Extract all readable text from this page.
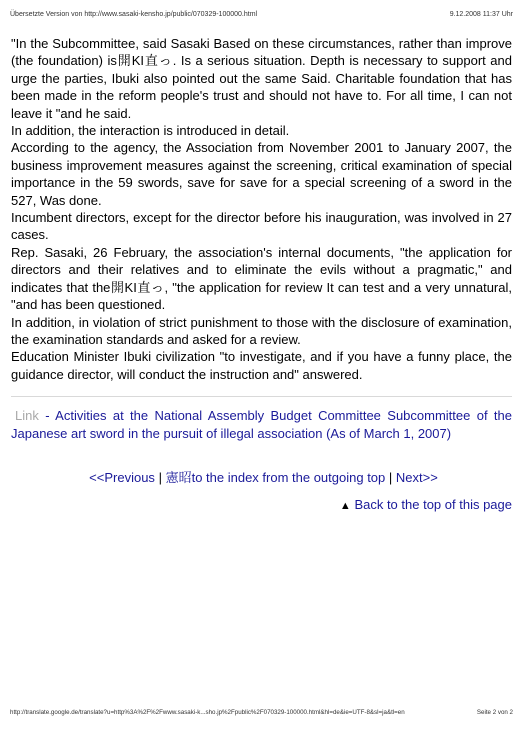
Übersetzte Version von http://www.sasaki-kensho.jp/public/070329-100000.html	9.12.2008 11:37 Uhr

"In the Subcommittee, said Sasaki Based on these circumstances, rather than improve (the foundation) is開KI直っ. Is a serious situation. Depth is necessary to support and urge the parties, Ibuki also pointed out the same Said. Charitable foundation that has been made in the reform people's trust and should not have to. For all time, I can not leave it "and he said.

In addition, the interaction is introduced in detail.

According to the agency, the Association from November 2001 to January 2007, the business improvement measures against the screening, critical examination of special importance in the 59 swords, save for save for a special screening of a sword in the 527, Was done.

Incumbent directors, except for the director before his inauguration, was involved in 27 cases.

Rep. Sasaki, 26 February, the association's internal documents, "the application for directors and their relatives and to eliminate the evils without a pragmatic," and indicates that the開KI直っ, "the application for review It can test and a very unnatural, "and has been questioned.

In addition, in violation of strict punishment to those with the disclosure of examination, the examination standards and asked for a review.

Education Minister Ibuki civilization "to investigate, and if you have a funny place, the guidance director, will conduct the instruction and" answered.

Link - Activities at the National Assembly Budget Committee Subcommittee of the Japanese art sword in the pursuit of illegal association (As of March 1, 2007)
<<Previous | 憲昭to the index from the outgoing top | Next>>
▲ Back to the top of this page
http://translate.google.de/translate?u=http%3A%2F%2Fwww.sasaki-k...sho.jp%2Fpublic%2F070329-100000.html&hl=de&ie=UTF-8&sl=ja&tl=en	Seite 2 von 2
